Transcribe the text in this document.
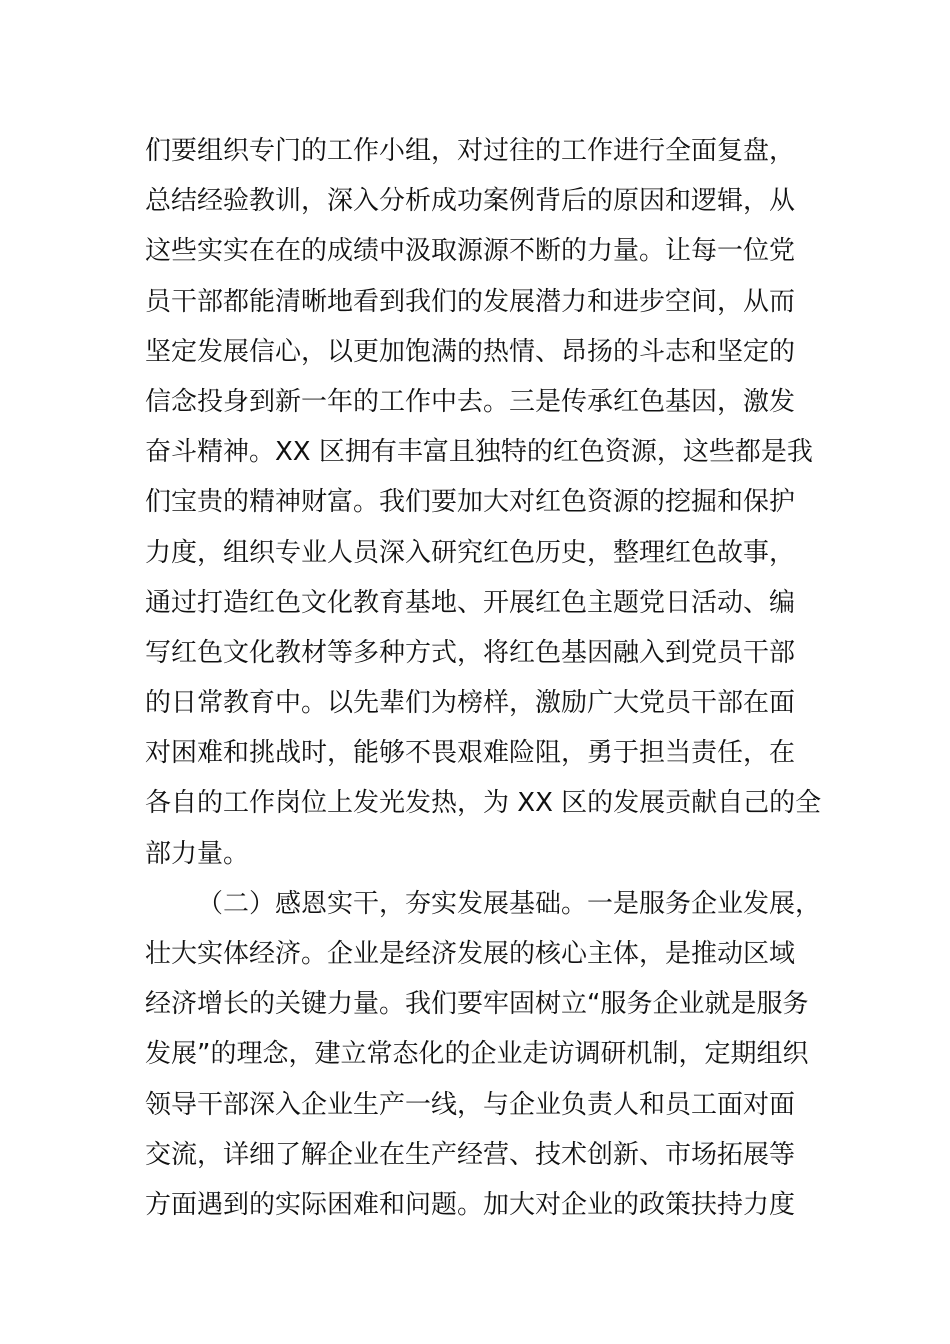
们要组织专门的工作小组，对过往的工作进行全面复盘，
总结经验教训，深入分析成功案例背后的原因和逻辑，从
这些实实在在的成绩中汲取源源不断的力量。让每一位党
员干部都能清晰地看到我们的发展潜力和进步空间，从而
坚定发展信心，以更加饱满的热情、昂扬的斗志和坚定的
信念投身到新一年的工作中去。三是传承红色基因，激发
奋斗精神。XX 区拥有丰富且独特的红色资源，这些都是我
们宝贵的精神财富。我们要加大对红色资源的挖掘和保护
力度，组织专业人员深入研究红色历史，整理红色故事，
通过打造红色文化教育基地、开展红色主题党日活动、编
写红色文化教材等多种方式，将红色基因融入到党员干部
的日常教育中。以先辈们为榜样，激励广大党员干部在面
对困难和挑战时，能够不畏艰难险阻，勇于担当责任，在
各自的工作岗位上发光发热，为 XX 区的发展贡献自己的全
部力量。
（二）感恩实干，夯实发展基础。一是服务企业发展，
壮大实体经济。企业是经济发展的核心主体，是推动区域
经济增长的关键力量。我们要牢固树立“服务企业就是服务
发展”的理念，建立常态化的企业走访调研机制，定期组织
领导干部深入企业生产一线，与企业负责人和员工面对面
交流，详细了解企业在生产经营、技术创新、市场拓展等
方面遇到的实际困难和问题。加大对企业的政策扶持力度
